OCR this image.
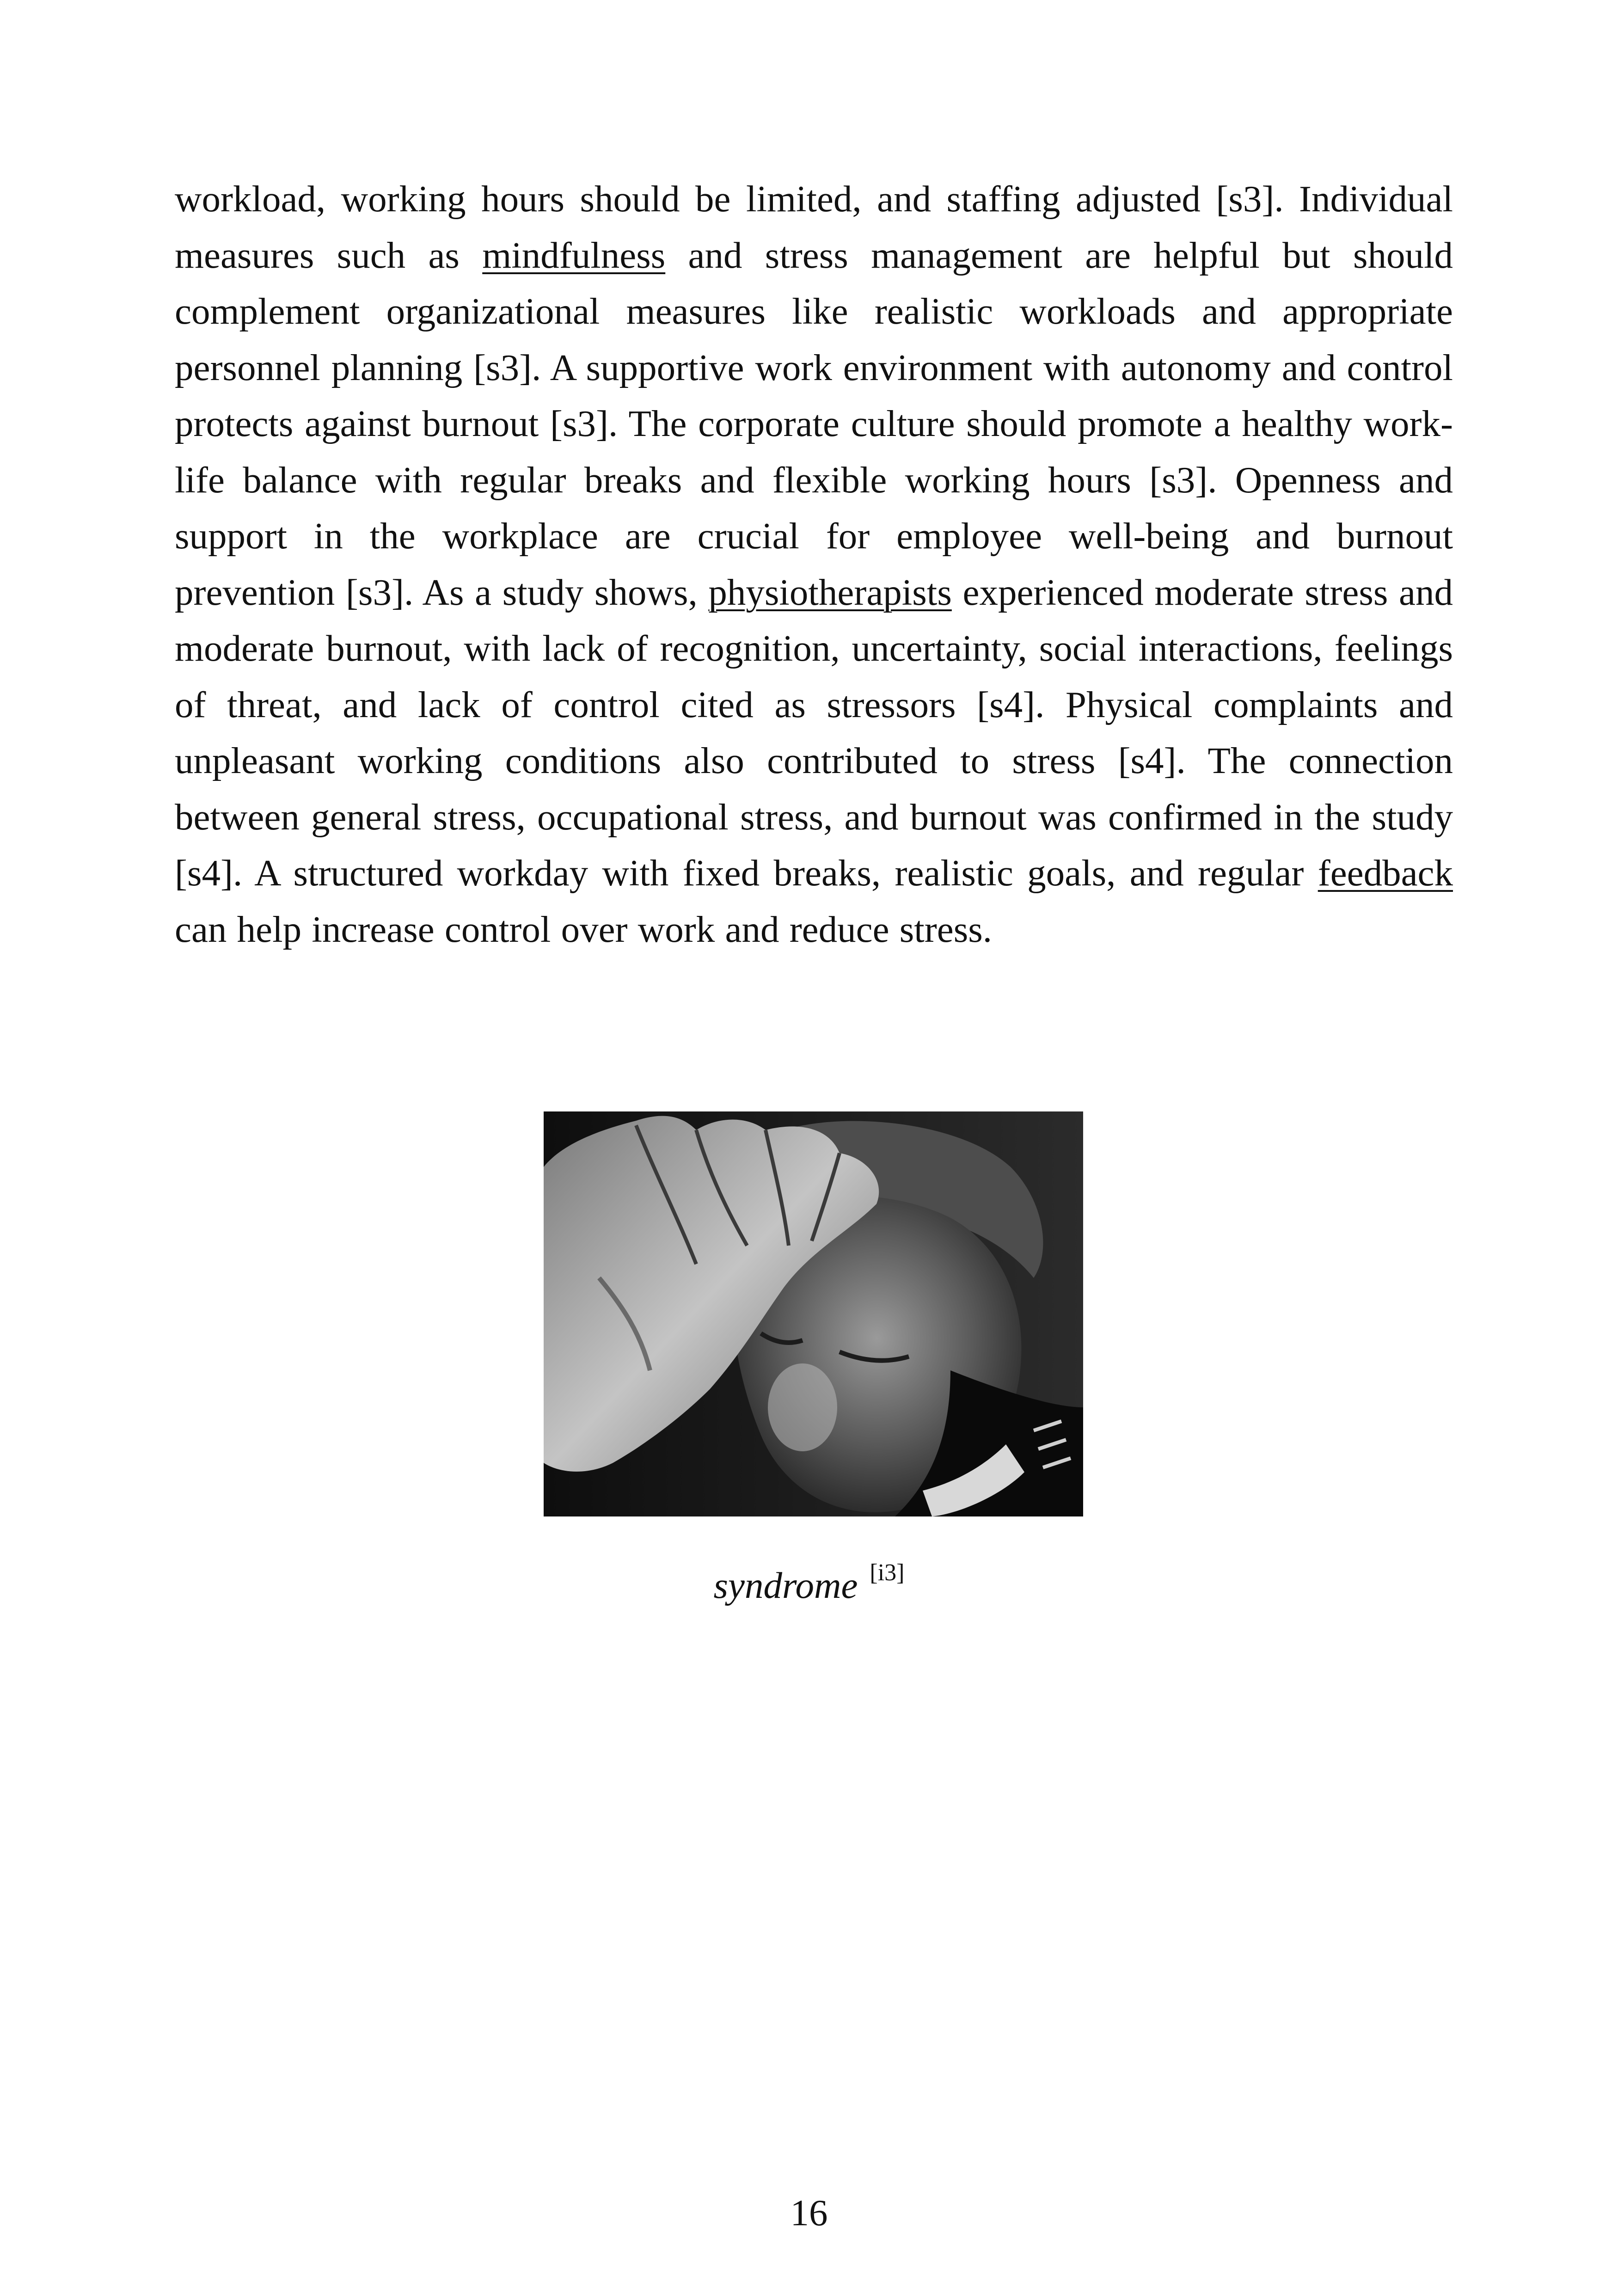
workload, working hours should be limited, and staffing adjusted [s3]. Individual measures such as mindfulness and stress management are helpful but should complement organizational measures like realistic workloads and appropriate personnel planning [s3]. A supportive work environment with autonomy and control protects against burnout [s3]. The corporate culture should promote a healthy work-life balance with regular breaks and flexible working hours [s3]. Openness and support in the workplace are crucial for employee well-being and burnout prevention [s3]. As a study shows, physiotherapists experienced moderate stress and moderate burnout, with lack of recognition, uncertainty, social interactions, feelings of threat, and lack of control cited as stressors [s4]. Physical complaints and unpleasant working conditions also contributed to stress [s4]. The connection between general stress, occupational stress, and burnout was confirmed in the study [s4]. A structured workday with fixed breaks, realistic goals, and regular feedback can help increase control over work and reduce stress.

syndrome [i3]

16
